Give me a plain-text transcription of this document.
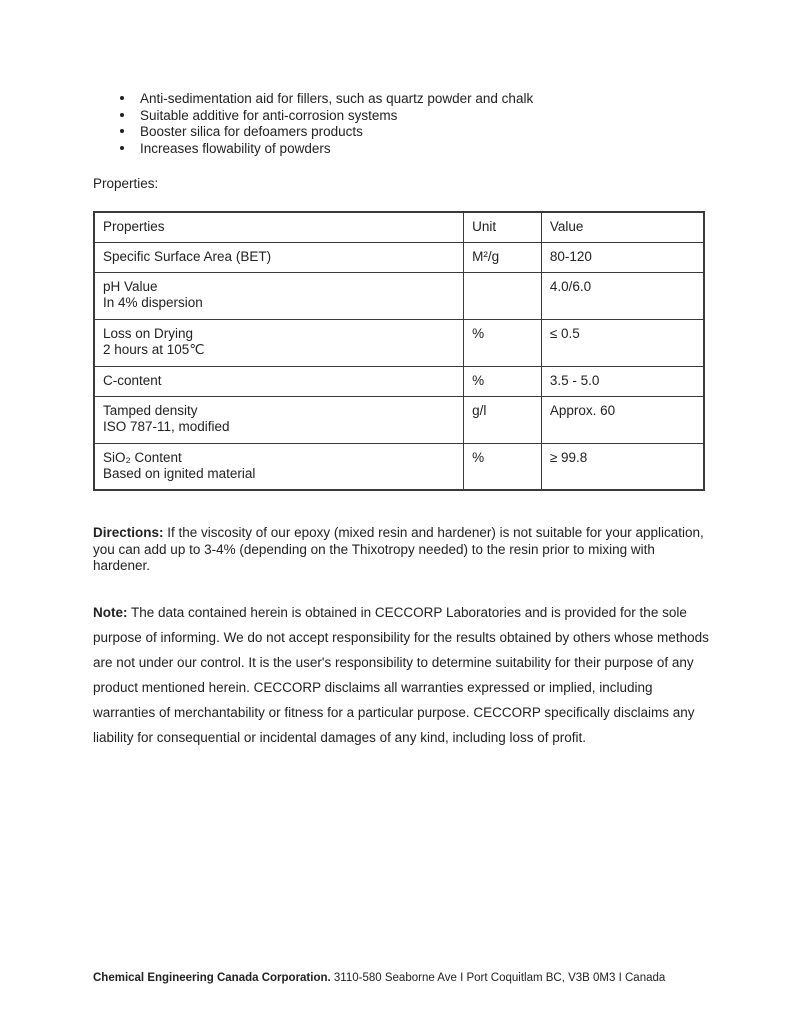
Anti-sedimentation aid for fillers, such as quartz powder and chalk
Suitable additive for anti-corrosion systems
Booster silica for defoamers products
Increases flowability of powders
Properties:
Properties	Unit	Value
Specific Surface Area (BET)	M²/g	80-120
pH Value
In 4% dispersion		4.0/6.0
Loss on Drying
2 hours at 105℃	%	≤ 0.5
C-content	%	3.5 - 5.0
Tamped density
ISO 787-11, modified	g/l	Approx. 60
SiO₂ Content
Based on ignited material	%	≥ 99.8
Directions: If the viscosity of our epoxy (mixed resin and hardener) is not suitable for your application, you can add up to 3-4% (depending on the Thixotropy needed) to the resin prior to mixing with hardener.
Note: The data contained herein is obtained in CECCORP Laboratories and is provided for the sole purpose of informing. We do not accept responsibility for the results obtained by others whose methods are not under our control. It is the user's responsibility to determine suitability for their purpose of any product mentioned herein. CECCORP disclaims all warranties expressed or implied, including warranties of merchantability or fitness for a particular purpose. CECCORP specifically disclaims any liability for consequential or incidental damages of any kind, including loss of profit.
Chemical Engineering Canada Corporation. 3110-580 Seaborne Ave I Port Coquitlam BC, V3B 0M3 I Canada
